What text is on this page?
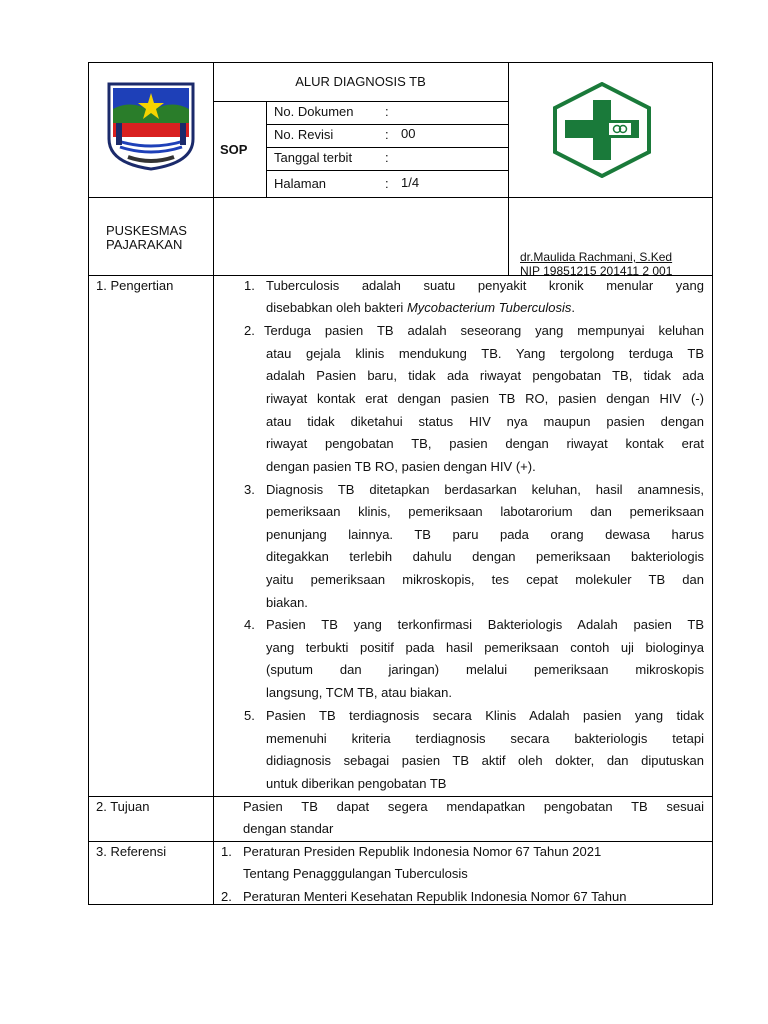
ALUR DIAGNOSIS TB
SOP
No. Dokumen :
No. Revisi	: 00
Tanggal terbit	:
Halaman	: 1/4
PUSKESMAS
PAJARAKAN
dr.Maulida Rachmani, S.Ked
NIP 19851215 201411 2 001
1. Pengertian	1. Tuberculosis adalah suatu penyakit kronik menular yang
disebabkan oleh bakteri Mycobacterium Tuberculosis.
2. Terduga pasien TB adalah seseorang yang mempunyai keluhan
atau gejala klinis mendukung TB. Yang tergolong terduga TB
adalah Pasien baru, tidak ada riwayat pengobatan TB, tidak ada
riwayat kontak erat dengan pasien TB RO, pasien dengan HIV (-)
atau tidak diketahui status HIV nya maupun pasien dengan
riwayat pengobatan TB, pasien dengan riwayat kontak erat
dengan pasien TB RO, pasien dengan HIV (+).
3. Diagnosis TB ditetapkan berdasarkan keluhan, hasil anamnesis,
pemeriksaan klinis, pemeriksaan labotarorium dan pemeriksaan
penunjang lainnya. TB paru pada orang dewasa harus
ditegakkan terlebih dahulu dengan pemeriksaan bakteriologis
yaitu pemeriksaan mikroskopis, tes cepat molekuler TB dan
biakan.
4. Pasien TB yang terkonfirmasi Bakteriologis Adalah pasien TB
yang terbukti positif pada hasil pemeriksaan contoh uji biologinya
(sputum dan jaringan) melalui pemeriksaan mikroskopis
langsung, TCM TB, atau biakan.
5. Pasien TB terdiagnosis secara Klinis Adalah pasien yang tidak
memenuhi kriteria terdiagnosis secara bakteriologis tetapi
didiagnosis sebagai pasien TB aktif oleh dokter, dan diputuskan
untuk diberikan pengobatan TB
2. Tujuan	Pasien TB dapat segera mendapatkan pengobatan TB sesuai
dengan standar
3. Referensi	1. Peraturan Presiden Republik Indonesia Nomor 67 Tahun 2021
Tentang Penagggulangan Tuberculosis
2. Peraturan Menteri Kesehatan Republik Indonesia Nomor 67 Tahun
